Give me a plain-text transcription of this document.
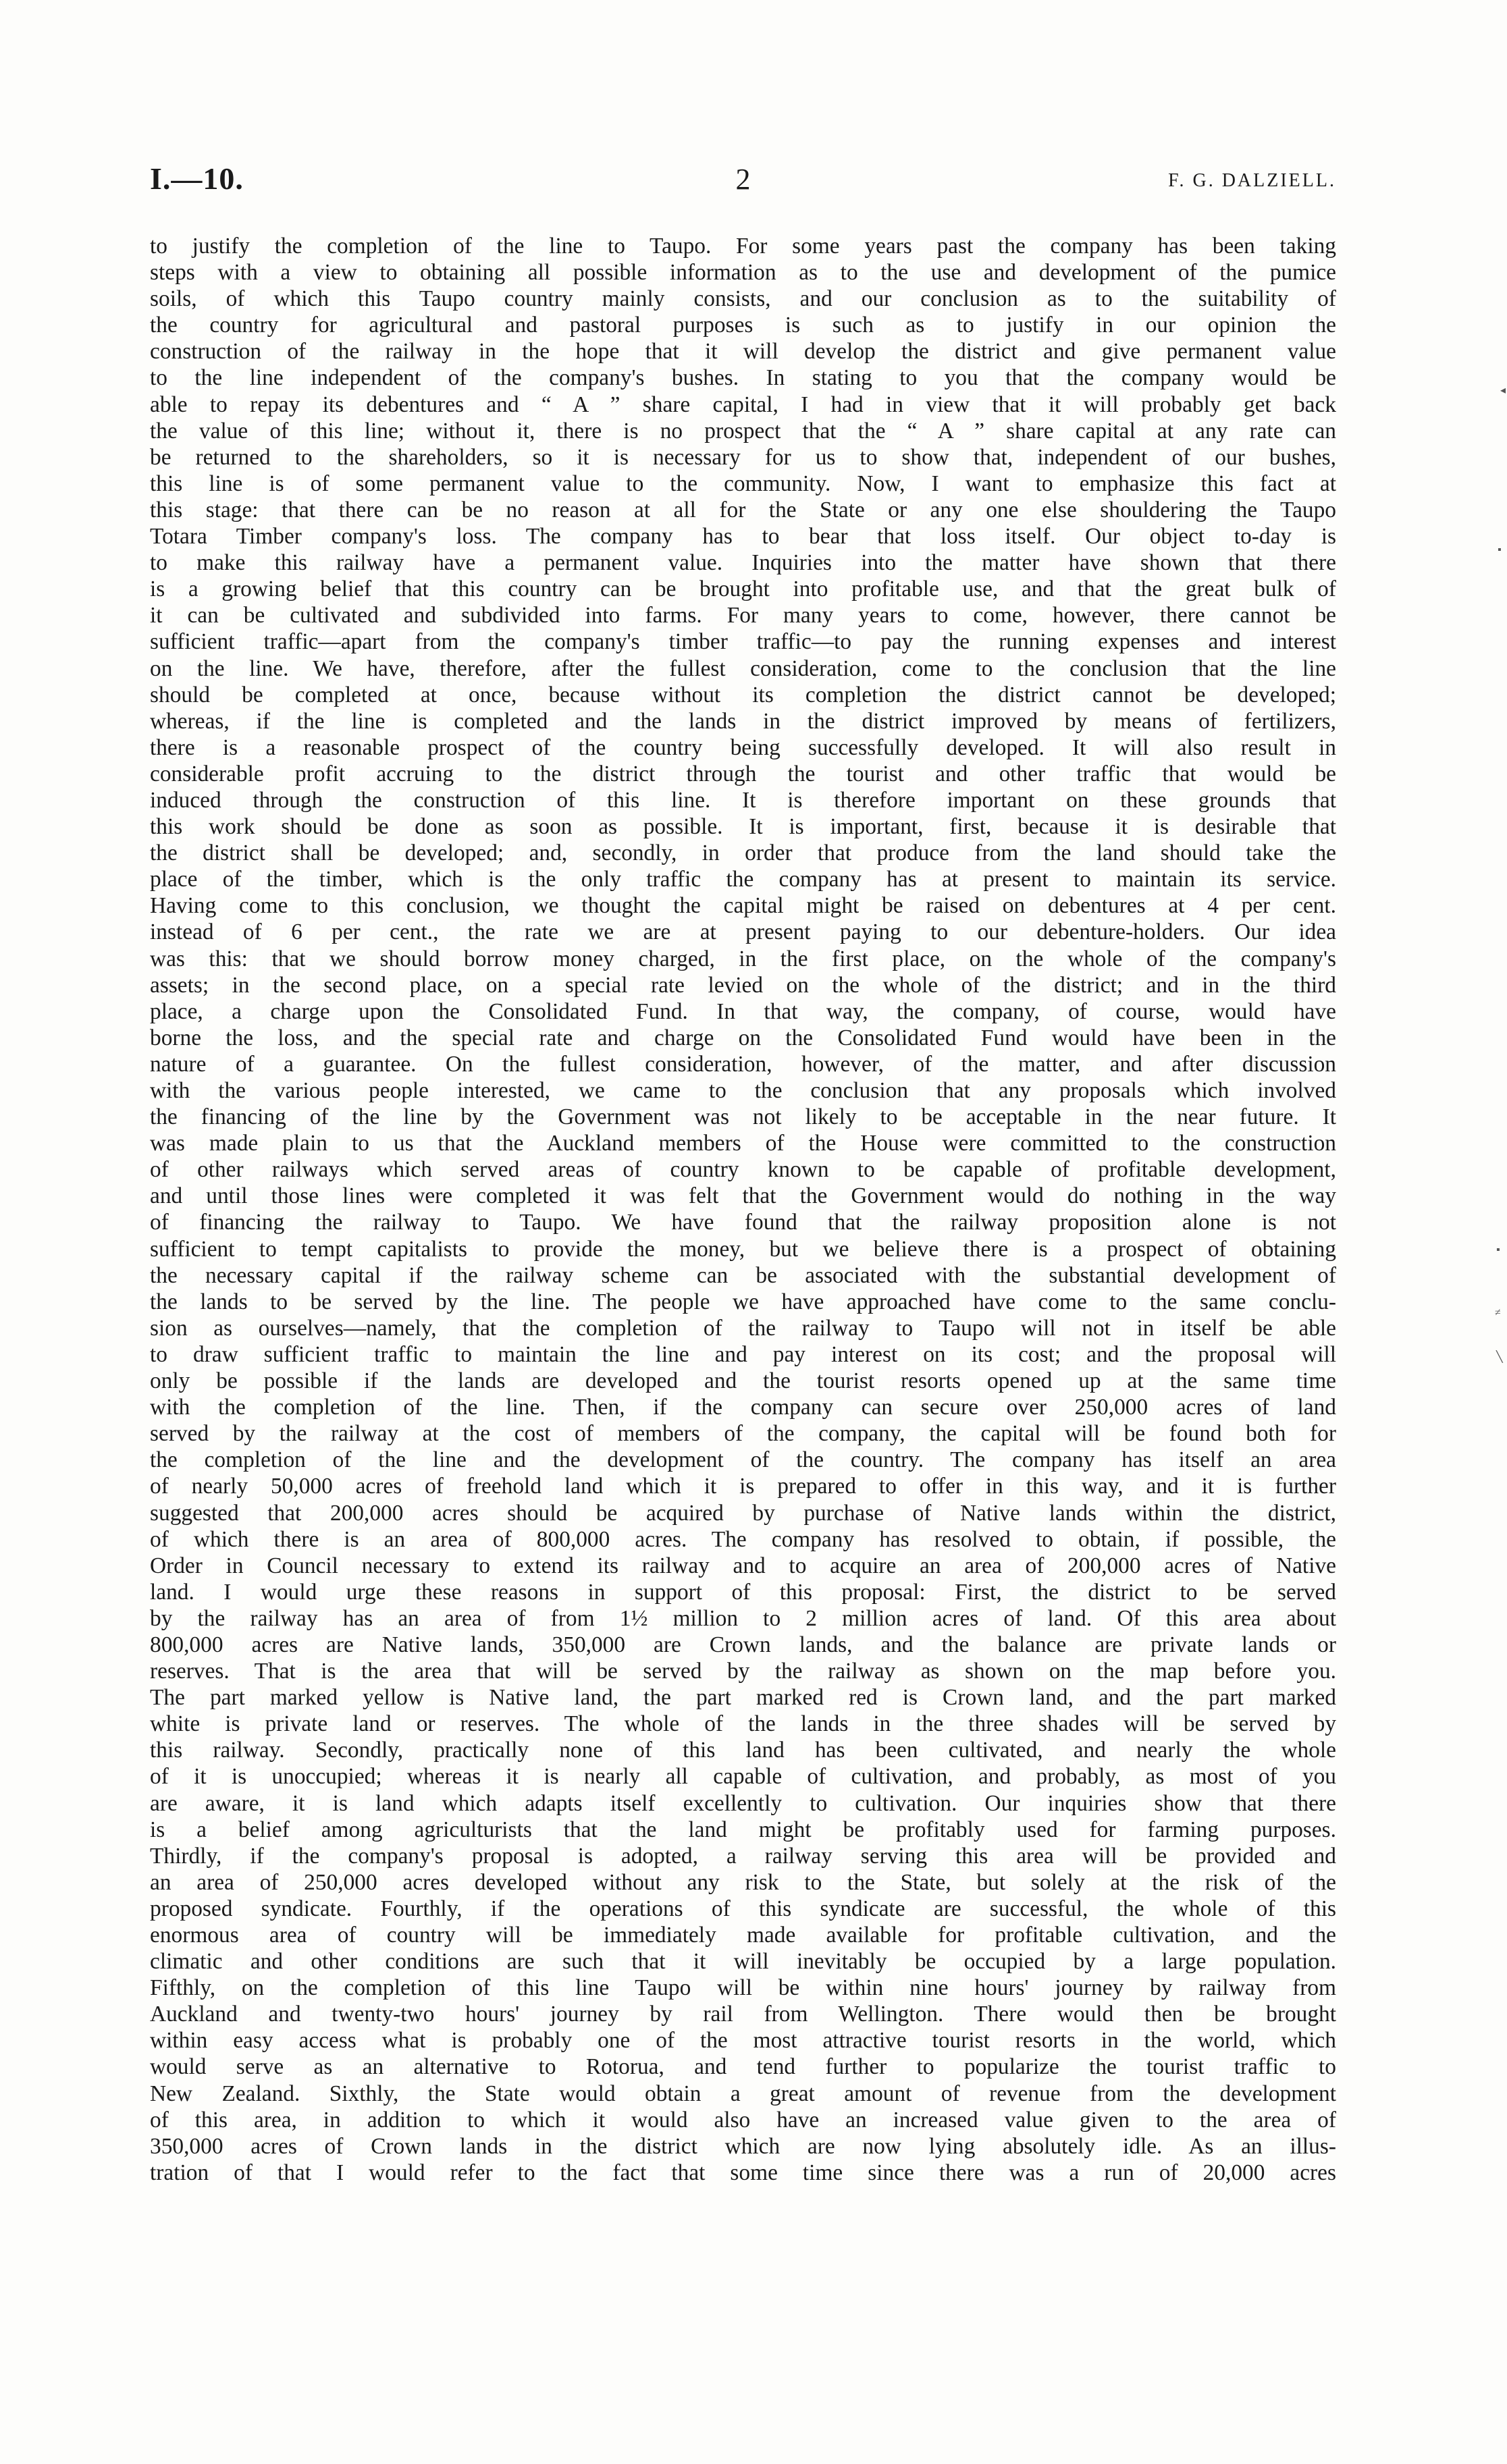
I.—10.	2	F. G. DALZIELL.
to justify the completion of the line to Taupo. For some years past the company has been taking
steps with a view to obtaining all possible information as to the use and development of the pumice
soils, of which this Taupo country mainly consists, and our conclusion as to the suitability of
the country for agricultural and pastoral purposes is such as to justify in our opinion the
construction of the railway in the hope that it will develop the district and give permanent value
to the line independent of the company's bushes. In stating to you that the company would be
able to repay its debentures and “ A ” share capital, I had in view that it will probably get back
the value of this line; without it, there is no prospect that the “ A ” share capital at any rate can
be returned to the shareholders, so it is necessary for us to show that, independent of our bushes,
this line is of some permanent value to the community. Now, I want to emphasize this fact at
this stage: that there can be no reason at all for the State or any one else shouldering the Taupo
Totara Timber company's loss. The company has to bear that loss itself. Our object to-day is
to make this railway have a permanent value. Inquiries into the matter have shown that there
is a growing belief that this country can be brought into profitable use, and that the great bulk of
it can be cultivated and subdivided into farms. For many years to come, however, there cannot be
sufficient traffic—apart from the company's timber traffic—to pay the running expenses and interest
on the line. We have, therefore, after the fullest consideration, come to the conclusion that the line
should be completed at once, because without its completion the district cannot be developed;
whereas, if the line is completed and the lands in the district improved by means of fertilizers,
there is a reasonable prospect of the country being successfully developed. It will also result in
considerable profit accruing to the district through the tourist and other traffic that would be
induced through the construction of this line. It is therefore important on these grounds that
this work should be done as soon as possible. It is important, first, because it is desirable that
the district shall be developed; and, secondly, in order that produce from the land should take the
place of the timber, which is the only traffic the company has at present to maintain its service.
Having come to this conclusion, we thought the capital might be raised on debentures at 4 per cent.
instead of 6 per cent., the rate we are at present paying to our debenture-holders. Our idea
was this: that we should borrow money charged, in the first place, on the whole of the company's
assets; in the second place, on a special rate levied on the whole of the district; and in the third
place, a charge upon the Consolidated Fund. In that way, the company, of course, would have
borne the loss, and the special rate and charge on the Consolidated Fund would have been in the
nature of a guarantee. On the fullest consideration, however, of the matter, and after discussion
with the various people interested, we came to the conclusion that any proposals which involved
the financing of the line by the Government was not likely to be acceptable in the near future. It
was made plain to us that the Auckland members of the House were committed to the construction
of other railways which served areas of country known to be capable of profitable development,
and until those lines were completed it was felt that the Government would do nothing in the way
of financing the railway to Taupo. We have found that the railway proposition alone is not
sufficient to tempt capitalists to provide the money, but we believe there is a prospect of obtaining
the necessary capital if the railway scheme can be associated with the substantial development of
the lands to be served by the line. The people we have approached have come to the same conclu-
sion as ourselves—namely, that the completion of the railway to Taupo will not in itself be able
to draw sufficient traffic to maintain the line and pay interest on its cost; and the proposal will
only be possible if the lands are developed and the tourist resorts opened up at the same time
with the completion of the line. Then, if the company can secure over 250,000 acres of land
served by the railway at the cost of members of the company, the capital will be found both for
the completion of the line and the development of the country. The company has itself an area
of nearly 50,000 acres of freehold land which it is prepared to offer in this way, and it is further
suggested that 200,000 acres should be acquired by purchase of Native lands within the district,
of which there is an area of 800,000 acres. The company has resolved to obtain, if possible, the
Order in Council necessary to extend its railway and to acquire an area of 200,000 acres of Native
land. I would urge these reasons in support of this proposal: First, the district to be served
by the railway has an area of from 1½ million to 2 million acres of land. Of this area about
800,000 acres are Native lands, 350,000 are Crown lands, and the balance are private lands or
reserves. That is the area that will be served by the railway as shown on the map before you.
The part marked yellow is Native land, the part marked red is Crown land, and the part marked
white is private land or reserves. The whole of the lands in the three shades will be served by
this railway. Secondly, practically none of this land has been cultivated, and nearly the whole
of it is unoccupied; whereas it is nearly all capable of cultivation, and probably, as most of you
are aware, it is land which adapts itself excellently to cultivation. Our inquiries show that there
is a belief among agriculturists that the land might be profitably used for farming purposes.
Thirdly, if the company's proposal is adopted, a railway serving this area will be provided and
an area of 250,000 acres developed without any risk to the State, but solely at the risk of the
proposed syndicate. Fourthly, if the operations of this syndicate are successful, the whole of this
enormous area of country will be immediately made available for profitable cultivation, and the
climatic and other conditions are such that it will inevitably be occupied by a large population.
Fifthly, on the completion of this line Taupo will be within nine hours' journey by railway from
Auckland and twenty-two hours' journey by rail from Wellington. There would then be brought
within easy access what is probably one of the most attractive tourist resorts in the world, which
would serve as an alternative to Rotorua, and tend further to popularize the tourist traffic to
New Zealand. Sixthly, the State would obtain a great amount of revenue from the development
of this area, in addition to which it would also have an increased value given to the area of
350,000 acres of Crown lands in the district which are now lying absolutely idle. As an illus-
tration of that I would refer to the fact that some time since there was a run of 20,000 acres
◂
▪
▪
≠
╲
